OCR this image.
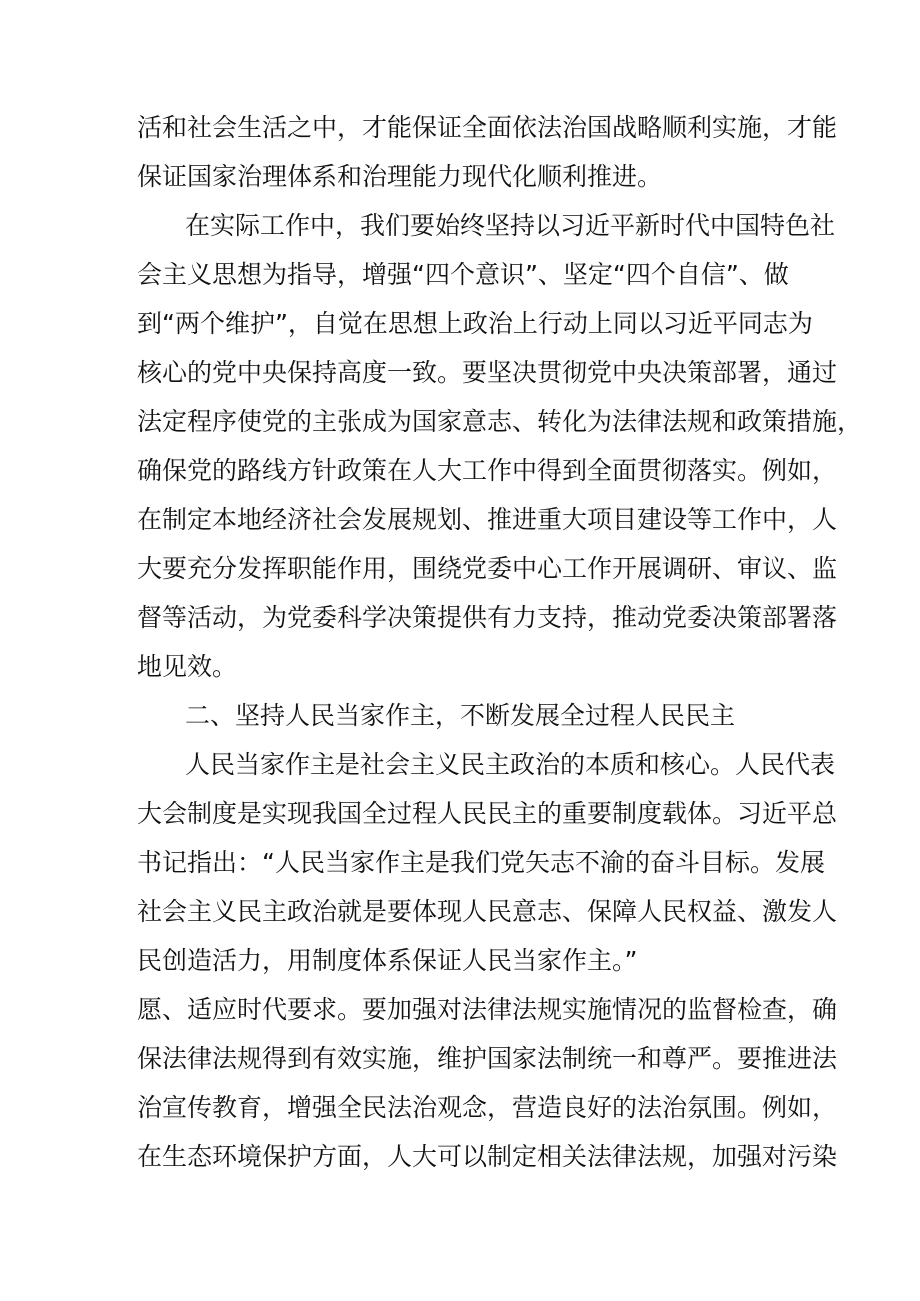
活和社会生活之中，才能保证全面依法治国战略顺利实施，才能
保证国家治理体系和治理能力现代化顺利推进。
在实际工作中，我们要始终坚持以习近平新时代中国特色社
会主义思想为指导，增强“四个意识”、坚定“四个自信”、做
到“两个维护”，自觉在思想上政治上行动上同以习近平同志为
核心的党中央保持高度一致。要坚决贯彻党中央决策部署，通过
法定程序使党的主张成为国家意志、转化为法律法规和政策措施，
确保党的路线方针政策在人大工作中得到全面贯彻落实。例如，
在制定本地经济社会发展规划、推进重大项目建设等工作中，人
大要充分发挥职能作用，围绕党委中心工作开展调研、审议、监
督等活动，为党委科学决策提供有力支持，推动党委决策部署落
地见效。
二、坚持人民当家作主，不断发展全过程人民民主
人民当家作主是社会主义民主政治的本质和核心。人民代表
大会制度是实现我国全过程人民民主的重要制度载体。习近平总
书记指出：“人民当家作主是我们党矢志不渝的奋斗目标。发展
社会主义民主政治就是要体现人民意志、保障人民权益、激发人
民创造活力，用制度体系保证人民当家作主。”
愿、适应时代要求。要加强对法律法规实施情况的监督检查，确
保法律法规得到有效实施，维护国家法制统一和尊严。要推进法
治宣传教育，增强全民法治观念，营造良好的法治氛围。例如，
在生态环境保护方面，人大可以制定相关法律法规，加强对污染
